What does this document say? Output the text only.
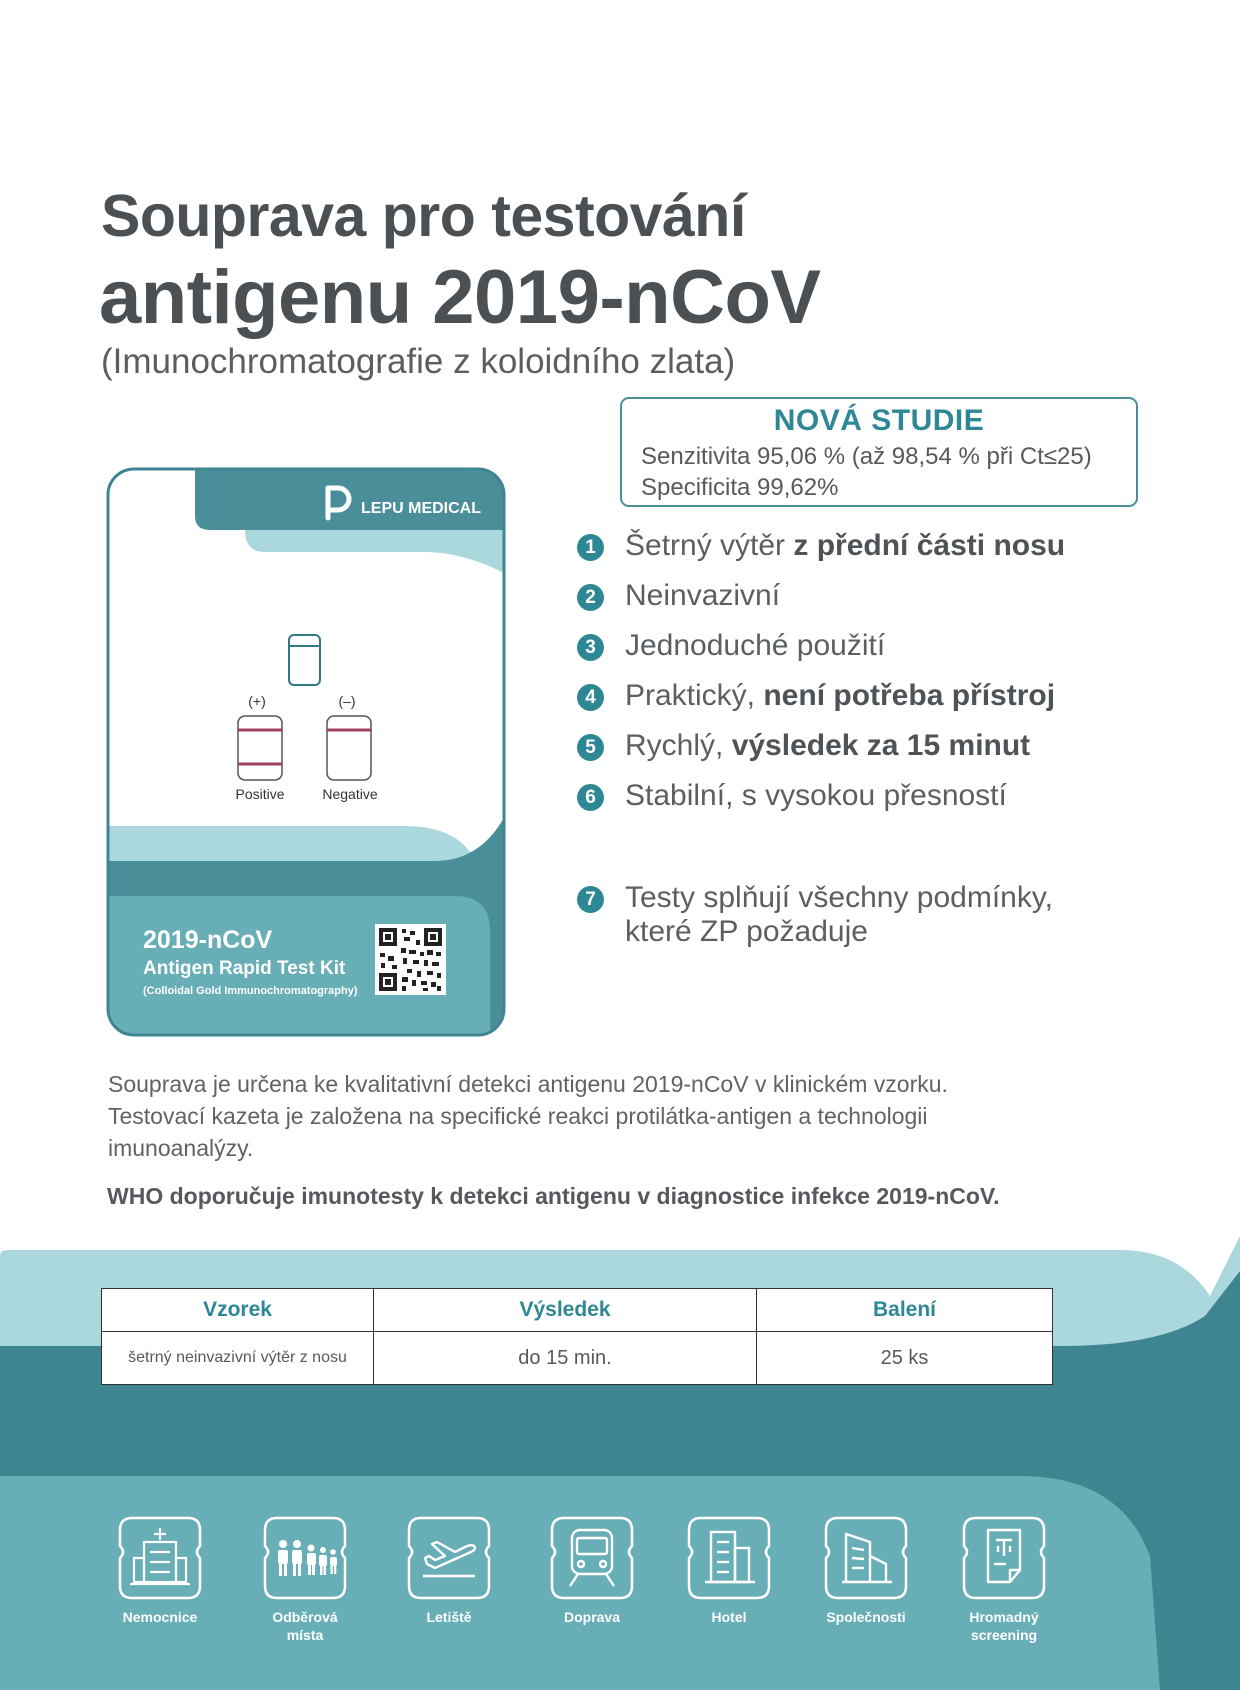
Souprava pro testování
antigenu 2019-nCoV
(Imunochromatografie z koloidního zlata)
LEPU MEDICAL
(+)
Positive
(–)
Negative
2019-nCoV
Antigen Rapid Test Kit
(Colloidal Gold Immunochromatography)
NOVÁ STUDIE
Senzitivita 95,06 % (až 98,54 % při Ct≤25)
Specificita 99,62%
1 Šetrný výtěr z přední části nosu
2 Neinvazivní
3 Jednoduché použití
4 Praktický, není potřeba přístroj
5 Rychlý, výsledek za 15 minut
6 Stabilní, s vysokou přesností
7 Testy splňují všechny podmínky,
které ZP požaduje
Souprava je určena ke kvalitativní detekci antigenu 2019-nCoV v klinickém vzorku.
Testovací kazeta je založena na specifické reakci protilátka-antigen a technologii
imunoanalýzy.
WHO doporučuje imunotesty k detekci antigenu v diagnostice infekce 2019-nCoV.
Vzorek	Výsledek	Balení
šetrný neinvazivní výtěr z nosu	do 15 min.	25 ks
Nemocnice	Odběrová
místa
Letiště	Doprava	Hotel	Společnosti	Hromadný
screening
